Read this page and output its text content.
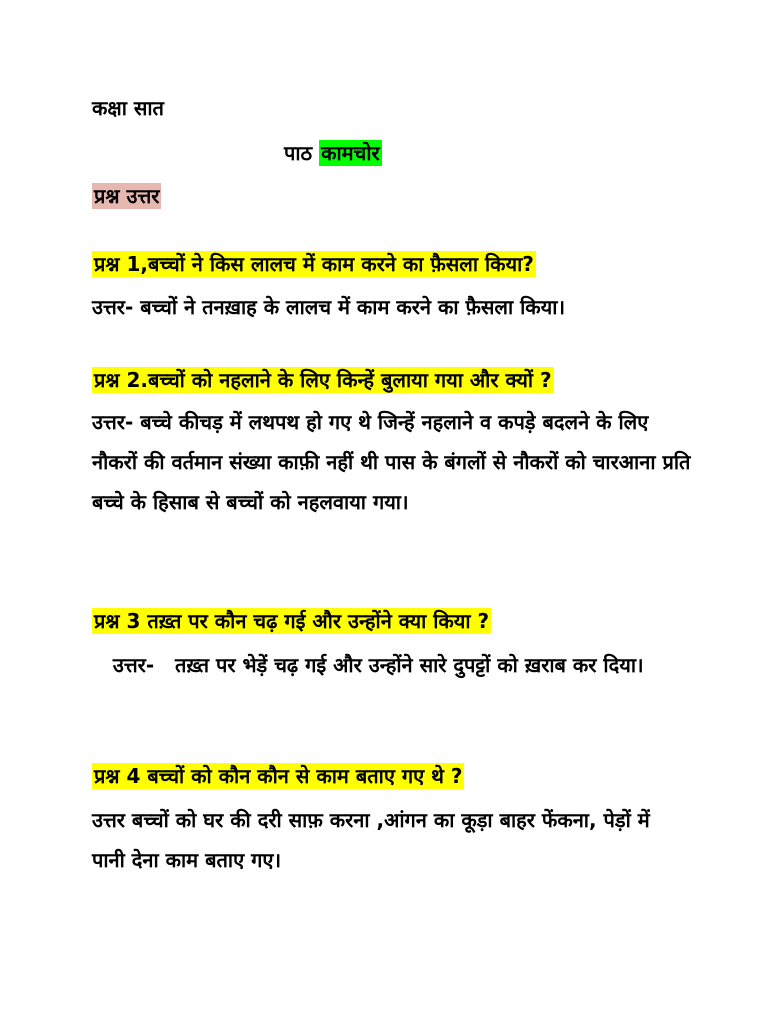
कक्षा सात
पाठ कामचोर
प्रश्न उत्तर
प्रश्न 1,बच्चों ने किस लालच में काम करने का फ़ैसला किया?
उत्तर- बच्चों ने तनख़ाह के लालच में काम करने का फ़ैसला किया।
प्रश्न 2.बच्चों को नहलाने के लिए किन्हें बुलाया गया और क्यों ?
उत्तर- बच्चे कीचड़ में लथपथ हो गए थे जिन्हें नहलाने व कपड़े बदलने के लिए नौकरों की वर्तमान संख्या काफ़ी नहीं थी पास के बंगलों से नौकरों को चारआना प्रति बच्चे के हिसाब से बच्चों को नहलवाया गया।
प्रश्न 3 तख़्त पर कौन चढ़ गई और उन्होंने क्या किया ?
उत्तर-   तख़्त पर भेड़ें चढ़ गई और उन्होंने सारे दुपट्टों को ख़राब कर दिया।
प्रश्न 4 बच्चों को कौन कौन से काम बताए गए थे ?
उत्तर बच्चों को घर की दरी साफ़ करना ,आंगन का कूड़ा बाहर फेंकना, पेड़ों में पानी देना काम बताए गए।
